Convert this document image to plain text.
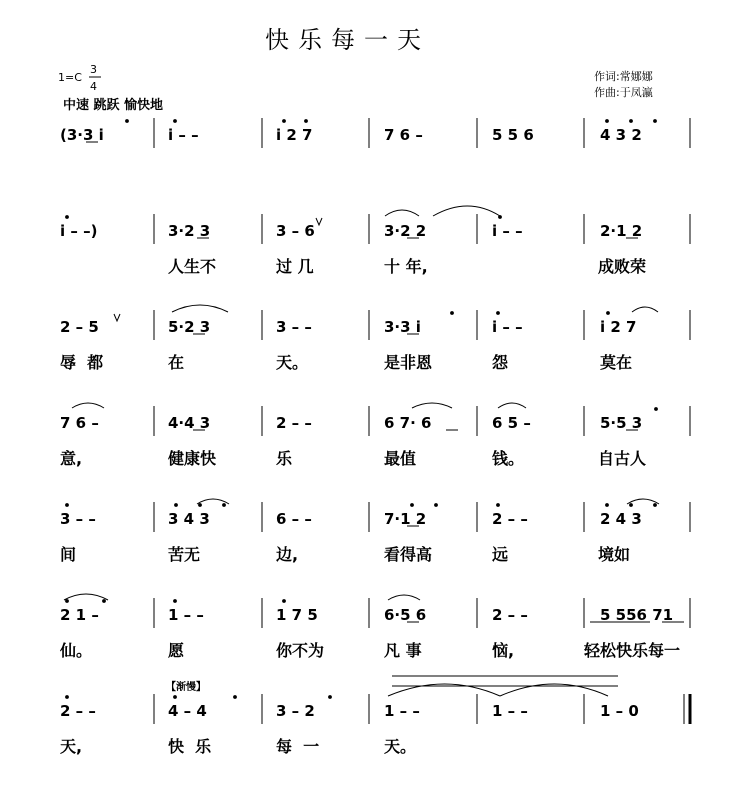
快乐每一天
1=C
3
4
中速 跳跃 愉快地
作词:常娜娜
作曲:于凤瀛
(3·3 i	i – –	i 2 7	7 6 –	5 5 6	4 3 2
i – –)	3·2 3	3 – 6	3·2 2	i – –	2·1 2
人生不	过 几	十 年,	成败荣
2 – 5	5·2 3	3 – –	3·3 i	i – –	i 2 7
辱  都	在	天。	是非恩	怨	莫在
7 6 –	4·4 3	2 – –	6 7· 6	6 5 –	5·5 3
意,	健康快	乐	最值	钱。	自古人
3 – –	3 4 3	6 – –	7·1 2	2 – –	2 4 3
间	苦无	边,	看得高	远	境如
2 1 –	1 – –	1 7 5	6·5 6	2 – –	5 556 71
仙。	愿	你不为	凡 事	恼,	轻松快乐每一
2 – –	4 – 4	3 – 2	1 – –	1 – –	1 – 0
天,	快  乐	每  一	天。
【渐慢】
